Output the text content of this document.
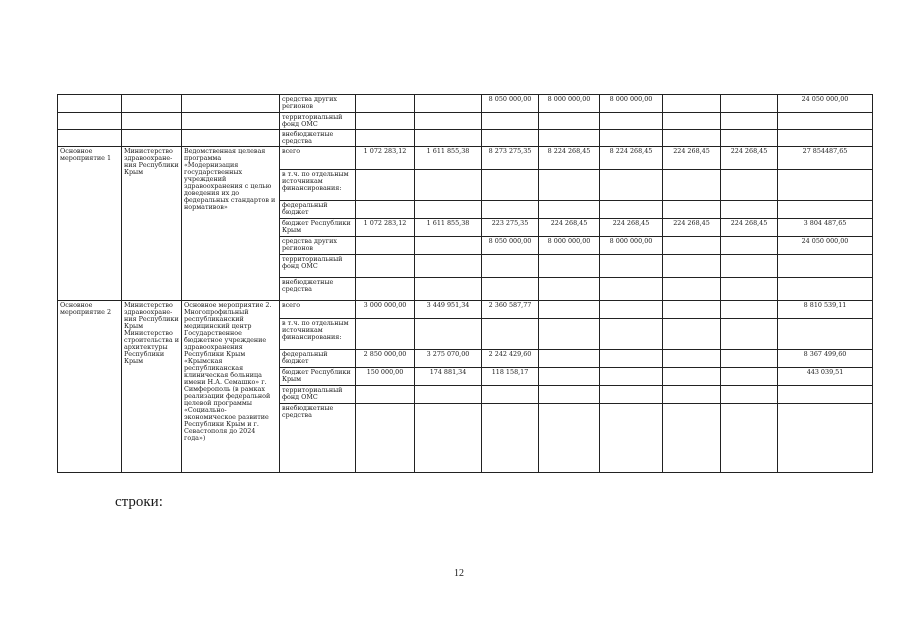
			средства других регионов			8 050 000,00	8 000 000,00	8 000 000,00			24 050 000,00
			территориальный фонд ОМС								
			внебюджетные средства								
Основное мероприятие 1	Министерство здравоохране-ния Республики Крым	Ведомственная целевая программа «Модернизация государственных учреждений здравоохранения с целью доведения их до федеральных стандартов и нормативов»	всего	1 072 283,12	1 611 855,38	8 273 275,35	8 224 268,45	8 224 268,45	224 268,45	224 268,45	27 854487,65
			в т.ч. по отдельным источникам финансирования:								
			федеральный бюджет								
			бюджет Республики Крым	1 072 283,12	1 611 855,38	223 275,35	224 268,45	224 268,45	224 268,45	224 268,45	3 804 487,65
			средства других регионов			8 050 000,00	8 000 000,00	8 000 000,00			24 050 000,00
			территориальный фонд ОМС								
			внебюджетные средства								
Основное мероприятие 2	Министерство здравоохране-ния Республики Крым Министерство строительства и архитектуры Республики Крым	Основное мероприятие 2. Многопрофильный республиканский медицинский центр Государственное бюджетное учреждение здравоохранения Республики Крым «Крымская республиканская клиническая больница имени Н.А. Семашко» г. Симферополь (в рамках реализации федеральной целевой программы «Социально-экономическое развитие Республики Крым и г. Севастополя до 2024 года»)	всего	3 000 000,00	3 449 951,34	2 360 587,77					8 810 539,11
			в т.ч. по отдельным источникам финансирования:								
			федеральный бюджет	2 850 000,00	3 275 070,00	2 242 429,60					8 367 499,60
			бюджет Республики Крым	150 000,00	174 881,34	118 158,17					443 039,51
			территориальный фонд ОМС								
			внебюджетные средства								
строки:
12
